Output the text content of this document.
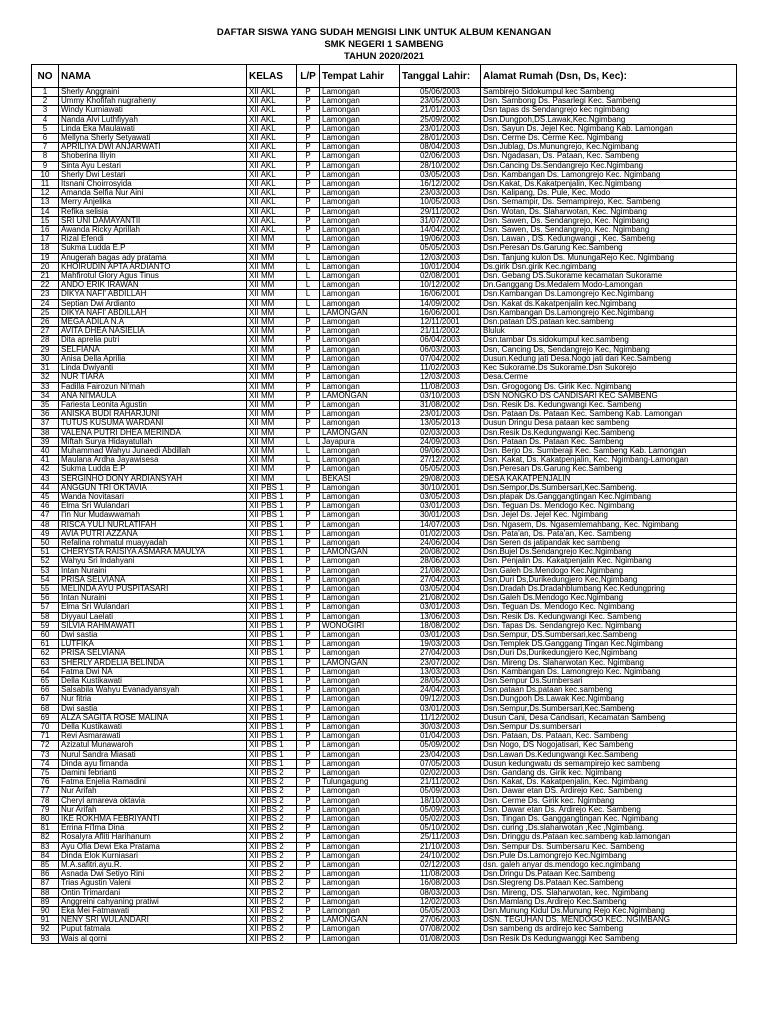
DAFTAR SISWA YANG SUDAH MENGISI LINK UNTUK ALBUM KENANGAN
SMK NEGERI 1 SAMBENG
TAHUN 2020/2021
NO	NAMA	KELAS	L/P	Tempat Lahir	Tanggal Lahir:	Alamat Rumah (Dsn, Ds, Kec):
1	Sherly Anggraini	XII AKL	P	Lamongan	05/06/2003	Sambirejo Sidokumpul kec Sambeng
2	Ummy Khofifah nugraheny	XII AKL	P	Lamongan	23/05/2003	Dsn. Sambong Ds. Pasarlegi Kec. Sambeng
3	Windy Kurniawati	XII AKL	P	Lamongan	21/01/2003	Dsn tapas ds Sendangrejo kec ngimbang
4	Nanda Alvi Luthfiyyah	XII AKL	P	Lamongan	25/09/2002	Dsn.Dungpoh,DS.Lawak,Kec.Ngimbang
5	Linda Eka Maulawati	XII AKL	P	Lamongan	23/01/2003	Dsn. Sayun Ds. Jejel Kec. Ngimbang Kab. Lamongan
6	Mellyna Sherly Setyawati	XII AKL	P	Lamongan	28/01/2003	Dsn. Cerme Ds. Cerme Kec. Ngimbang
7	APRILIYA DWI ANJARWATI	XII AKL	P	Lamongan	08/04/2003	Dsn.Jublag, Ds.Munungrejo, Kec.Ngimbang
8	Shoberina Iliyin	XII AKL	P	Lamongan	02/06/2003	Dsn. Ngadasan, Ds. Pataan, Kec. Sambeng
9	Sinta Ayu Lestari	XII AKL	P	Lamongan	28/10/2002	Dsn.Cancing Ds.Sendangrejo Kec.Ngimbang
10	Sherly Dwi Lestari	XII AKL	P	Lamongan	03/05/2003	Dsn. Kambangan Ds. Lamongrejo Kec. Ngimbang
11	Itsnani Choirrosyida	XII AKL	P	Lamongan	16/12/2002	Dsn.Kakat, Ds.Kakatpenjalin, Kec.Ngimbang
12	Amanda Selfia Nur Aini	XII AKL	P	Lamongan	23/03/2003	Dsn. Kalipang, Ds. Pule, Kec. Modo
13	Merry Anjelika	XII AKL	P	Lamongan	10/05/2003	Dsn. Semampir, Ds. Semampirejo, Kec. Sambeng
14	Refika selisia	XII AKL	P	Lamongan	29/11/2002	Dsn. Wotan, Ds. Slaharwotan, Kec. Ngimbang
15	SRI UNI DAMAYANTII	XII AKL	P	Lamongan	31/07/2002	Dsn. Sawen, Ds. Sendangrejo, Kec. Ngimbang
16	Awanda Ricky Aprillah	XII AKL	P	Lamongan	14/04/2002	Dsn. Sawen, Ds. Sendangrejo, Kec. Ngimbang
17	Rizal Efendi	XII MM	L	Lamongan	19/06/2003	Dsn. Lawan , DS. Kedungwangi , Kec. Sambeng
18	Sukma Ludda E.P	XII MM	P	Lamongan	05/05/2003	Dsn.Peresan Ds.Garung Kec.Sambeng
19	Anugerah bagas ady pratama	XII MM	L	Lamongan	12/03/2003	Dsn. Tanjung kulon Ds. MunungaRejo Kec. Ngimbang
20	KHOIRUDIN APTA ARDIANTO	XII MM	L	Lamongan	10/01/2004	Ds.girik Dsn.girik Kec.ngimbang
21	Mahfirotul Glory Agus Tinus	XII MM	L	Lamongan	02/08/2001	Dsn. Gebang DS.Sukorame kecamatan Sukorame
22	ANDO ERIK IRAWAN	XII MM	L	Lamongan	10/12/2002	Dn.Ganggang Ds.Medalem Modo-Lamongan
23	DIKYA NAFI' ABDILLAH	XII MM	L	Lamongan	16/06/2001	Dsn.Kambangan Ds.Lamongrejo Kec.Ngimbang
24	Septian Dwi Ardianto	XII MM	L	Lamongan	14/09/2002	Dsn. Kakat ds.Kakatpenjalin kec.Ngimbang
25	DIKYA NAFI' ABDILLAH	XII MM	L	LAMONGAN	16/06/2001	Dsn.Kambangan Ds.Lamongrejo Kec.Ngimbang
26	MEGA ADILA N.A	XII MM	P	Lamongan	12/11/2001	Dsn.pataan DS.pataan kec.sambeng
27	AVITA DHEA NASIELIA	XII MM	P	Lamongan	21/11/2002	Bluluk
28	Dita aprelia putri	XII MM	P	Lamongan	06/04/2003	Dsn.tambar Ds.sidokumpul kec.sambeng
29	SELFIANA	XII MM	P	Lamongan	06/03/2003	Dsn, Cancing Ds, Sendangrejo Kec, Ngimbang
30	Anisa Della Aprilia	XII MM	P	Lamongan	07/04/2002	Dusun.Kedung jati Desa.Nogo jati dari Kec.Sambeng
31	Linda Dwiyanti	XII MM	P	Lamongan	11/02/2003	Kec Sukorame.Ds Sukorame.Dsn Sukorejo
32	NUR TIARA	XII MM	P	Lamongan	12/03/2003	Desa.Cerme
33	Fadilla Fairozun Ni'mah	XII MM	P	Lamongan	11/08/2003	Dsn. Grogogong Ds. Girik Kec. Ngimbang
34	ANA NI'MAULA	XII MM	P	LAMONGAN	03/10/2003	DSN NONGKO DS CANDISARI KEC SAMBENG
35	Fariesta Leonita Agustin	XII MM	P	Lamongan	31/08/2002	Dsn. Resik Ds. Kedungwangi Kec. Sambeng
36	ANISKA BUDI RAHARJUNI	XII MM	P	Lamongan	23/01/2003	Dsn. Pataan Ds. Pataan Kec. Sambeng Kab. Lamongan
37	TUTUS KUSUMA WARDANI	XII MM	P	Lamongan	13/05/2013	Dusun Dringu Desa pataan kec sambeng
38	VALENA PUTRI DHEA MERINDA	XII MM	P	LAMONGAN	02/03/2003	Dsn.Resik Ds.Kedungwangi Kec.Sambeng
39	Miftah Surya Hidayatullah	XII MM	L	Jayapura	24/09/2003	Dsn. Pataan Ds. Pataan Kec. Sambeng
40	Muhammad Wahyu Junaedi Abdillah	XII MM	L	Lamongan	09/06/2003	Dsn. Berjo Ds. Sumberaji Kec. Sambeng Kab. Lamongan
41	Maulana Ardha Jayawisesa	XII MM	L	Lamongan	27/12/2002	Dsn. Kakat, Ds. Kakatpenjalin, Kec. Ngimbang-Lamongan
42	Sukma Ludda E.P	XII MM	P	Lamongan	05/05/2003	Dsn.Peresan Ds.Garung Kec.Sambeng
43	SERGINHO DONY ARDIANSYAH	XII MM	L	BEKASI	29/08/2003	DESA KAKATPENJALIN
44	ANGGUN TRI OKTAVIA	XII PBS 1	P	Lamongan	30/10/2001	Dsn.Sempor,Ds.Sumbersari,Kec.Sambeng.
45	Wanda Novitasari	XII PBS 1	P	Lamongan	03/05/2003	Dsn.plapak Ds.Ganggangtingan Kec.Ngimbang
46	Elma Sri Wulandari	XII PBS 1	P	Lamongan	03/01/2003	Dsn. Teguan Ds. Mendogo Kec. Ngimbang
47	I'in Nur Mudawwamah	XII PBS 1	P	Lamongan	30/01/2003	Dsn. Jejel Ds. Jejel Kec. Ngimbang
48	RISCA YULI NURLATIFAH	XII PBS 1	P	Lamongan	14/07/2003	Dsn. Ngasem, Ds. Ngasemlemahbang, Kec. Ngimbang
49	AVIA PUTRI AZZANA	XII PBS 1	P	Lamongan	01/02/2003	Dsn. Pata'an, Ds. Pata'an, Kec. Sambeng
50	Refalina rohmatul muayyadah	XII PBS 1	P	Lamongan	24/06/2004	Dsn Seren ds jatipandak kec sambeng
51	CHERYSTA RAISIYA ASMARA MAULYA	XII PBS 1	P	LAMONGAN	20/08/2002	Dsn.Bujel Ds.Sendangrejo Kec.Ngimbang
52	Wahyu Sri Indahyani	XII PBS 1	P	Lamongan	28/06/2003	Dsn. Penjalin Ds. Kakatpenjalin Kec. Ngimbang
53	Intan Nuraini	XII PBS 1	P	Lamongan	21/08/2002	Dsn.Galeh Ds.Mendogo Kec.Ngimbang
54	PRISA SELVIANA	XII PBS 1	P	Lamongan	27/04/2003	Dsn,Duri Ds,Durikedungjero Kec,Ngimbang
55	MELINDA AYU PUSPITASARI	XII PBS 1	P	Lamongan	03/05/2004	Dsn.Dradah Ds.Dradahblumbang Kec.Kedungpring
56	Intan Nuraini	XII PBS 1	P	Lamongan	21/08/2002	Dsn.Galeh Ds.Mendogo Kec.Ngimbang
57	Elma Sri Wulandari	XII PBS 1	P	Lamongan	03/01/2003	Dsn. Teguan Ds. Mendogo Kec. Ngimbang
58	Diyyaul Laelati	XII PBS 1	P	Lamongan	13/06/2003	Dsn. Resik Ds. Kedungwangi Kec. Sambeng
59	SILVIA RAHMAWATI	XII PBS 1	P	WONOGIRI	18/08/2002	Dsn. Tapas Ds. Sendangrejo Kec. Ngimbang
60	Dwi sastia	XII PBS 1	P	Lamongan	03/01/2003	Dsn.Sempur, DS.Sumbersari,kec.Sambeng
61	LUTFIKA	XII PBS 1	P	Lamongan	19/03/2003	Dsn.Templek DS.Ganggang Tingan Kec.Ngimbang
62	PRISA SELVIANA	XII PBS 1	P	Lamongan	27/04/2003	Dsn,Duri Ds,Durikedungjero Kec,Ngimbang
63	SHERLY ARDELIA BELINDA	XII PBS 1	P	LAMONGAN	23/07/2002	Dsn. Mireng Ds. Slaharwotan Kec. Ngimbang
64	Fatma Dwi NA	XII PBS 1	P	Lamongan	13/03/2003	Dsn. Kambangan Ds. Lamongrejo Kec. Ngimbang
65	Della Kustikawati	XII PBS 1	P	Lamongan	28/05/2003	Dsn.Sempur Ds.Sumbersari
66	Salsabila Wahyu Evanadyansyah	XII PBS 1	P	Lamongan	24/04/2003	Dsn.pataan Ds.pataan kec.sambeng
67	Nur fitria	XII PBS 1	P	Lamongan	09/12/2003	Dsn.Dungpoh Ds.Lawak Kec.Ngimbang
68	Dwi sastia	XII PBS 1	P	Lamongan	03/01/2003	Dsn.Sempur,Ds.Sumbersari,Kec.Sambeng
69	ALZA SAGITA ROSE MALINA	XII PBS 1	P	Lamongan	11/12/2002	Dusun Cani, Desa Candisari, Kecamatan Sambeng
70	Della Kustikawati	XII PBS 1	P	Lamongan	30/03/2003	Dsn.Sempur Ds.sumbersari
71	Revi Asmarawati	XII PBS 1	P	Lamongan	01/04/2003	Dsn. Pataan, Ds. Pataan, Kec. Sambeng
72	Azizatul Munawaroh	XII PBS 1	P	Lamongan	05/09/2002	Dsn Nogo, DS Nogojatisari, Kec Sambeng
73	Nurul Sandra Miasati	XII PBS 1	P	Lamongan	23/04/2003	Dsn.Lawan Ds.Kedungwangi Kec.Sambeng
74	Dinda ayu firnanda	XII PBS 1	P	Lamongan	07/05/2003	Dusun kedungwatu ds semampirejo kec sambeng
75	Damini febrianti	XII PBS 2	P	Lamongan	02/02/2003	Dsn. Gandang ds. Girik kec. Ngimbang
76	Fatma Enjelia Ramadini	XII PBS 2	P	Tulungagung	21/11/2002	Dsn. Kakat, Ds. Kakatpenjalin, Kec. Ngimbang
77	Nur Arifah	XII PBS 2	P	Lamongan	05/09/2003	Dsn. Dawar etan DS. Ardirejo Kec. Sambeng
78	Cheryl amareva oktavia	XII PBS 2	P	Lamongan	18/10/2003	Dsn. Cerme Ds. Girik kec. Ngimbang
79	Nur Arifah	XII PBS 2	P	Lamongan	05/09/2003	Dsn. Dawar etan Ds. Ardirejo Kec. Sambeng
80	IKE ROKHMA FEBRIYANTI	XII PBS 2	P	Lamongan	05/02/2003	Dsn. Tingan Ds. Ganggangtingan Kec. Ngimbang
81	Errina Fi'lma Dina	XII PBS 2	P	Lamongan	05/10/2002	Dsn. curing ,Ds.slaharwotan ,Kec ,Ngimbang.
82	Rosalyra Afliti Harihanum	XII PBS 2	P	Lamongan	25/11/2003	Dsn. Dringgu ds.Pataan kec.sambeng kab.lamongan
83	Ayu Ofia Dewi Eka Pratama	XII PBS 2	P	Lamongan	21/10/2003	Dsn. Sempur Ds. Sumbersaru Kec. Sambeng
84	Dinda Elok Kurniasari	XII PBS 2	P	Lamongan	24/10/2002	Dsn.Pule Ds.Lamongrejo Kec.Ngimbang
85	M.A.safitri.ayu.R.	XII PBS 2	P	Lamongan	02/12/2003	dsn. galeh anyar ds.mendogo kec.ngimbang
86	Asnada Dwi Setiyo Rini	XII PBS 2	P	Lamongan	11/08/2003	Dsn.Dringu Ds.Pataan Kec.Sambeng
87	Trias Agustin Valeni	XII PBS 2	P	Lamongan	16/08/2003	Dsn.Slegreng Ds.Pataan Kec.Sambeng
88	Ontin Trimardani	XII PBS 2	P	Lamongan	08/03/2003	Dsn. Mireng, DS. Slaharwotan, kec. Ngimbang
89	Anggreini cahyaning pratiwi	XII PBS 2	P	Lamongan	12/02/2003	Dsn.Mamlang Ds.Ardirejo Kec.Sambeng
90	Eka Mei Fatmawati	XII PBS 2	P	Lamongan	05/05/2003	Dsn.Munung Kidul Ds.Munung Rejo Kec.Ngimbang
91	NENY SRI WULANDARI	XII PBS 2	P	LAMONGAN	27/06/2003	DSN. TEGUHAN DS. MENDOGO KEC. NGIMBANG
92	Puput fatmala	XII PBS 2	P	Lamongan	07/08/2002	Dsn sambeng ds ardirejo kec Sambeng
93	Wais al qorni	XII PBS 2	P	Lamongan	01/08/2003	Dsn Resik Ds Kedungwanggi Kec Sambeng
